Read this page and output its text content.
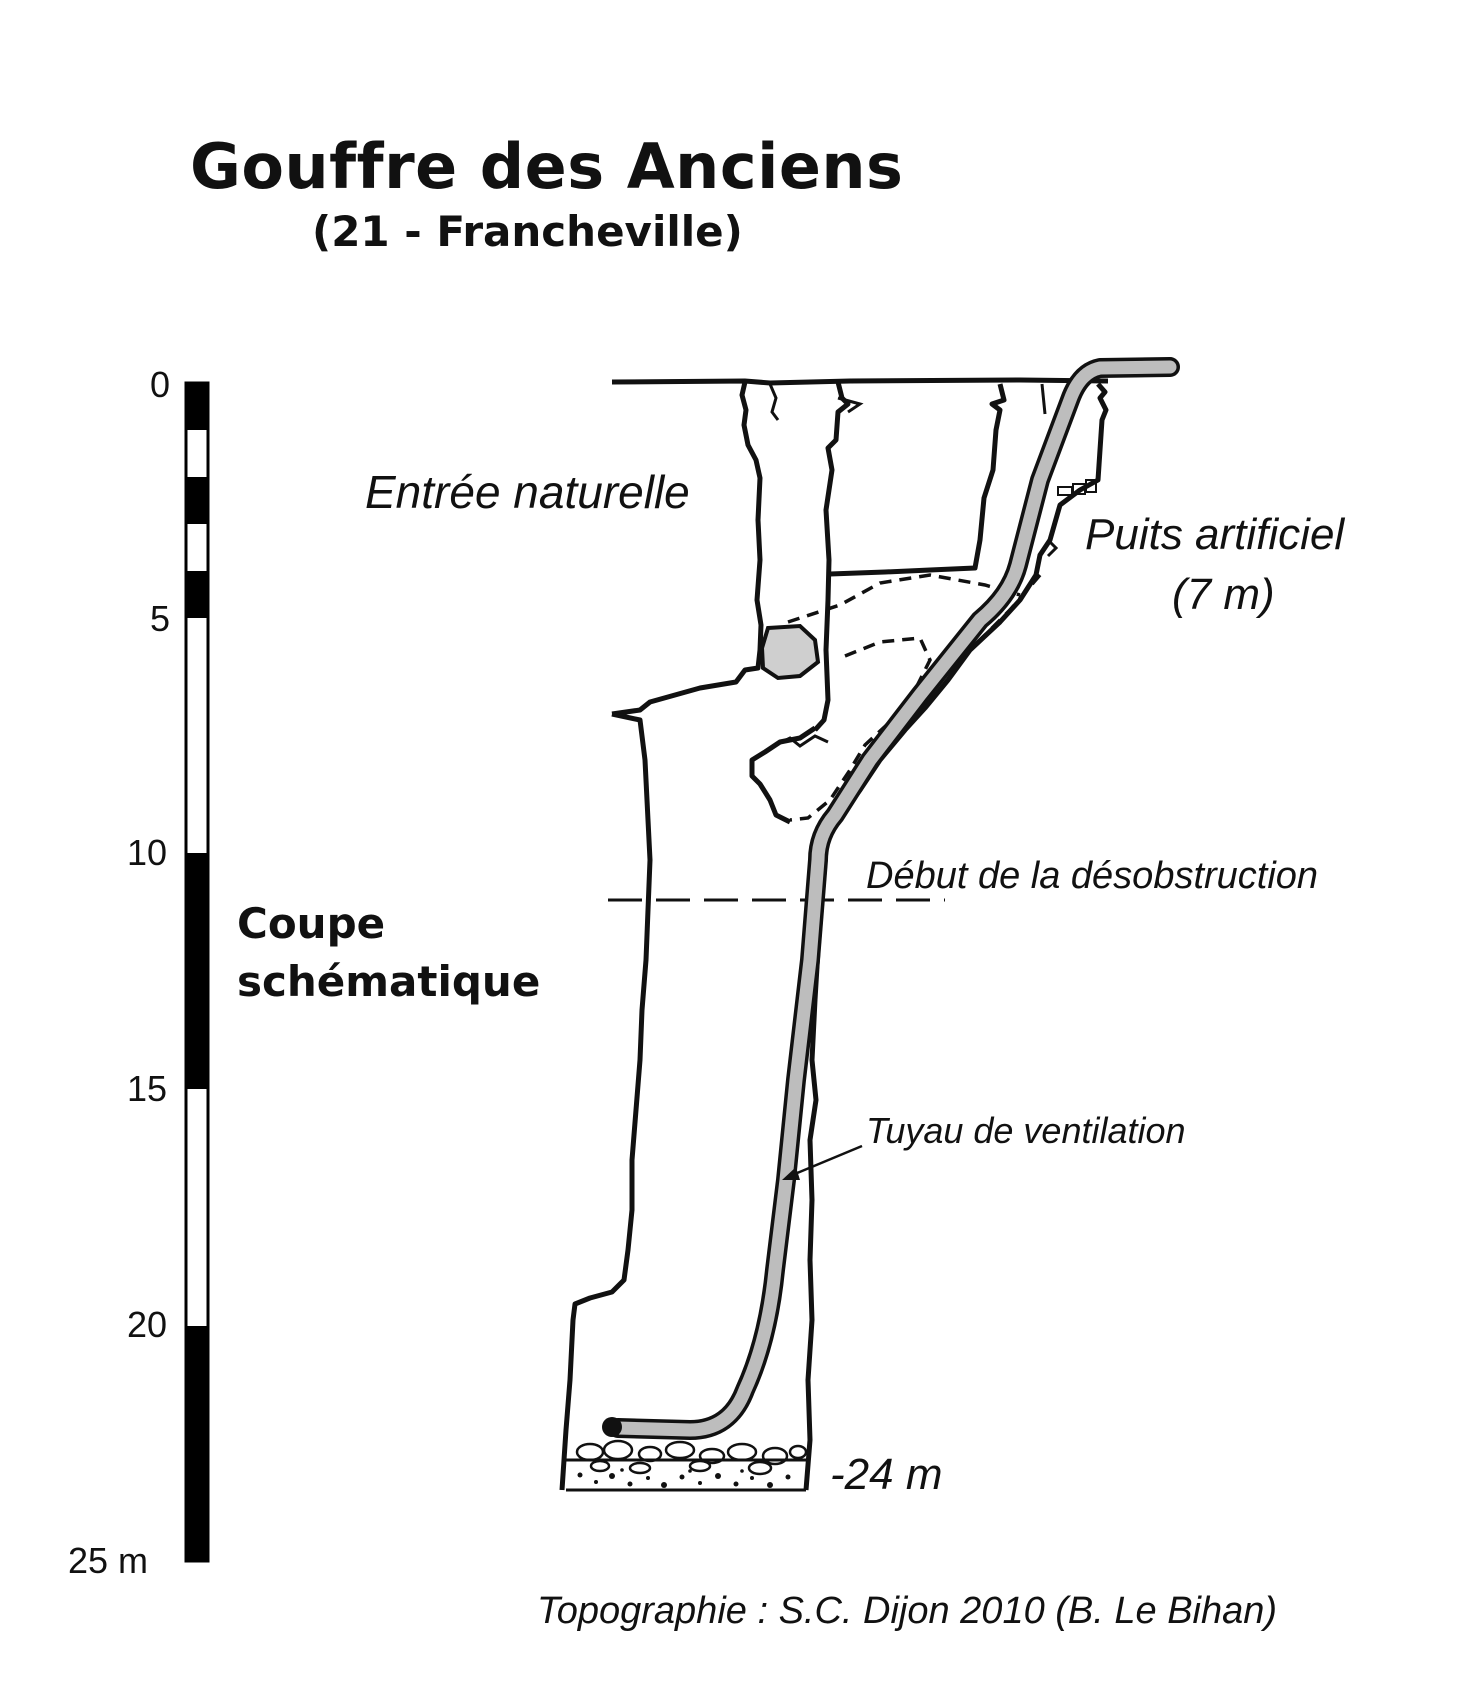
Gouffre des Anciens
(21 - Francheville)
0
5
10
15
20
25 m
Coupe
schématique
Entrée naturelle
Puits artificiel
(7 m)
Début de la désobstruction
Tuyau de ventilation
-24 m
Topographie : S.C. Dijon 2010 (B. Le Bihan)
